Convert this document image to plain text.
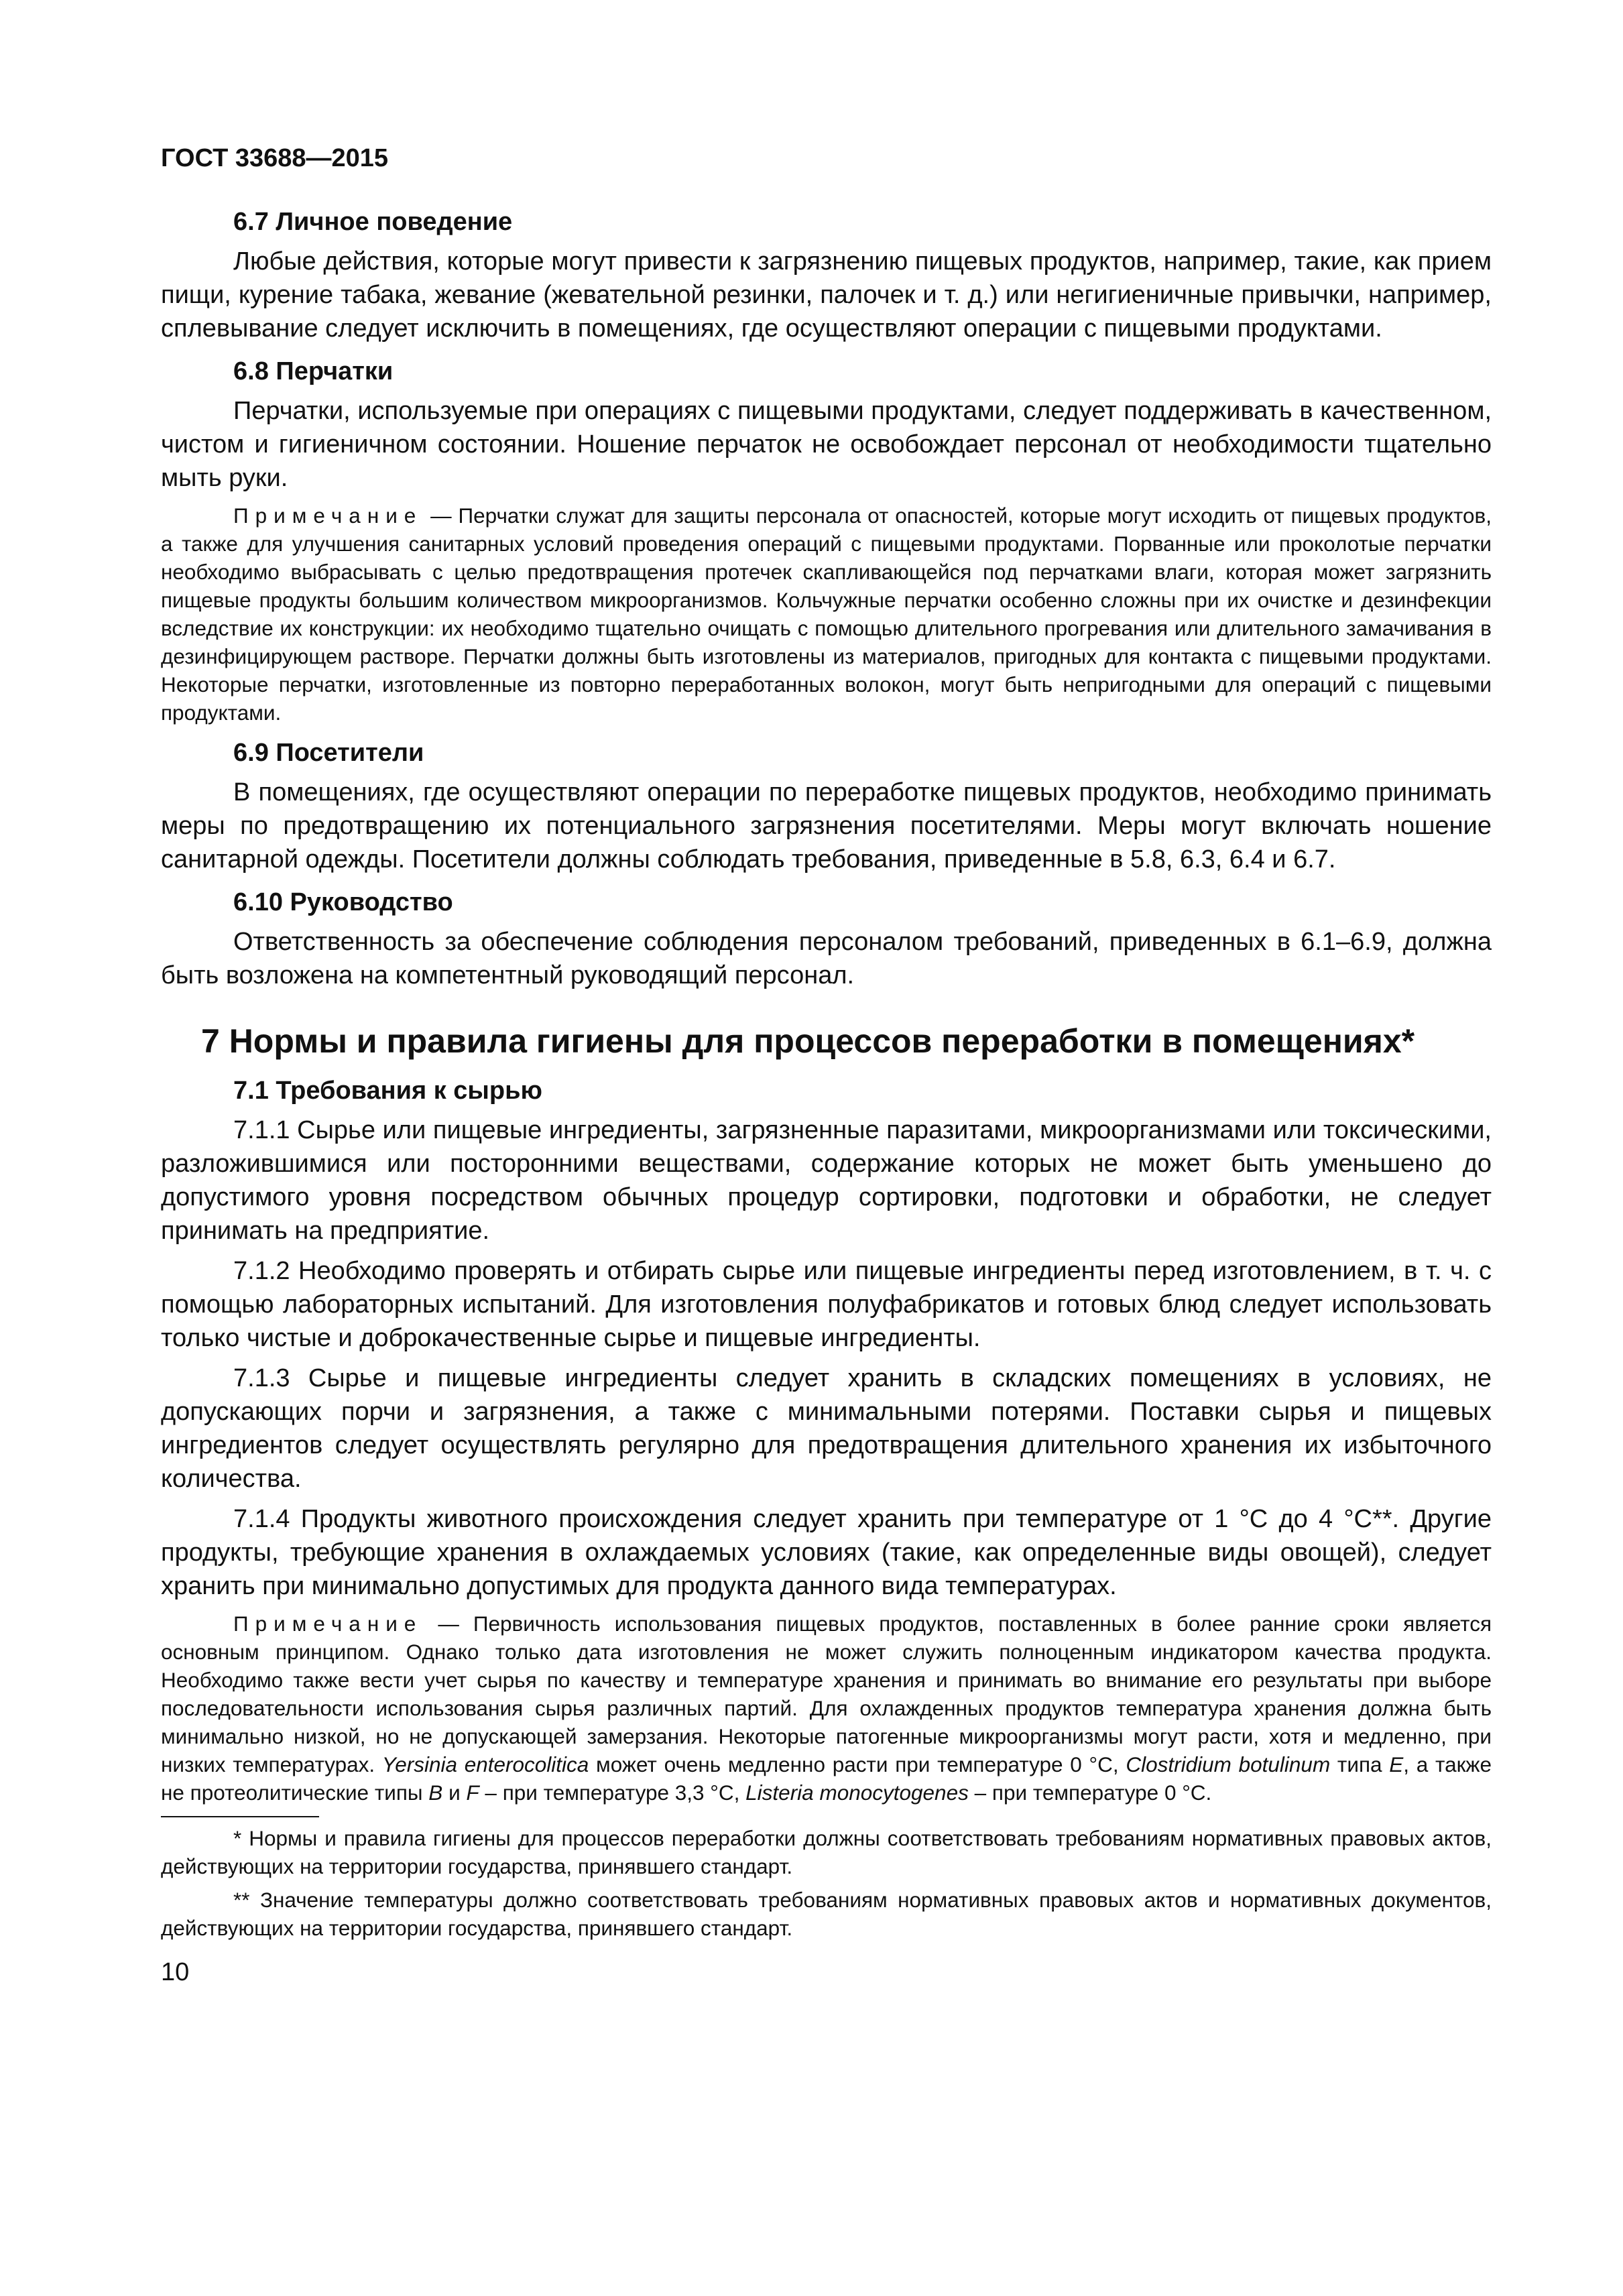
ГОСТ 33688—2015
6.7 Личное поведение

Любые действия, которые могут привести к загрязнению пищевых продуктов, например, такие, как прием пищи, курение табака, жевание (жевательной резинки, палочек и т. д.) или негигиеничные привычки, например, сплевывание следует исключить в помещениях, где осуществляют операции с пищевыми продуктами.

6.8 Перчатки

Перчатки, используемые при операциях с пищевыми продуктами, следует поддерживать в качественном, чистом и гигиеничном состоянии. Ношение перчаток не освобождает персонал от необходимости тщательно мыть руки.

Примечание — Перчатки служат для защиты персонала от опасностей, которые могут исходить от пищевых продуктов, а также для улучшения санитарных условий проведения операций с пищевыми продуктами. Порванные или проколотые перчатки необходимо выбрасывать с целью предотвращения протечек скапливающейся под перчатками влаги, которая может загрязнить пищевые продукты большим количеством микроорганизмов. Кольчужные перчатки особенно сложны при их очистке и дезинфекции вследствие их конструкции: их необходимо тщательно очищать с помощью длительного прогревания или длительного замачивания в дезинфицирующем растворе. Перчатки должны быть изготовлены из материалов, пригодных для контакта с пищевыми продуктами. Некоторые перчатки, изготовленные из повторно переработанных волокон, могут быть непригодными для операций с пищевыми продуктами.

6.9 Посетители

В помещениях, где осуществляют операции по переработке пищевых продуктов, необходимо принимать меры по предотвращению их потенциального загрязнения посетителями. Меры могут включать ношение санитарной одежды. Посетители должны соблюдать требования, приведенные в 5.8, 6.3, 6.4 и 6.7.

6.10 Руководство

Ответственность за обеспечение соблюдения персоналом требований, приведенных в 6.1–6.9, должна быть возложена на компетентный руководящий персонал.

7 Нормы и правила гигиены для процессов переработки в помещениях*
7.1 Требования к сырью

7.1.1 Сырье или пищевые ингредиенты, загрязненные паразитами, микроорганизмами или токсическими, разложившимися или посторонними веществами, содержание которых не может быть уменьшено до допустимого уровня посредством обычных процедур сортировки, подготовки и обработки, не следует принимать на предприятие.

7.1.2 Необходимо проверять и отбирать сырье или пищевые ингредиенты перед изготовлением, в т. ч. с помощью лабораторных испытаний. Для изготовления полуфабрикатов и готовых блюд следует использовать только чистые и доброкачественные сырье и пищевые ингредиенты.

7.1.3 Сырье и пищевые ингредиенты следует хранить в складских помещениях в условиях, не допускающих порчи и загрязнения, а также с минимальными потерями. Поставки сырья и пищевых ингредиентов следует осуществлять регулярно для предотвращения длительного хранения их избыточного количества.

7.1.4 Продукты животного происхождения следует хранить при температуре от 1 °С до 4 °С**. Другие продукты, требующие хранения в охлаждаемых условиях (такие, как определенные виды овощей), следует хранить при минимально допустимых для продукта данного вида температурах.

Примечание — Первичность использования пищевых продуктов, поставленных в более ранние сроки является основным принципом. Однако только дата изготовления не может служить полноценным индикатором качества продукта. Необходимо также вести учет сырья по качеству и температуре хранения и принимать во внимание его результаты при выборе последовательности использования сырья различных партий. Для охлажденных продуктов температура хранения должна быть минимально низкой, но не допускающей замерзания. Некоторые патогенные микроорганизмы могут расти, хотя и медленно, при низких температурах. Yersinia enterocolitica может очень медленно расти при температуре 0 °С, Clostridium botulinum типа Е, а также не протеолитические типы В и F – при температуре 3,3 °С, Listeria monocytogenes – при температуре 0 °С.

* Нормы и правила гигиены для процессов переработки должны соответствовать требованиям нормативных правовых актов, действующих на территории государства, принявшего стандарт.

** Значение температуры должно соответствовать требованиям нормативных правовых актов и нормативных документов, действующих на территории государства, принявшего стандарт.

10
